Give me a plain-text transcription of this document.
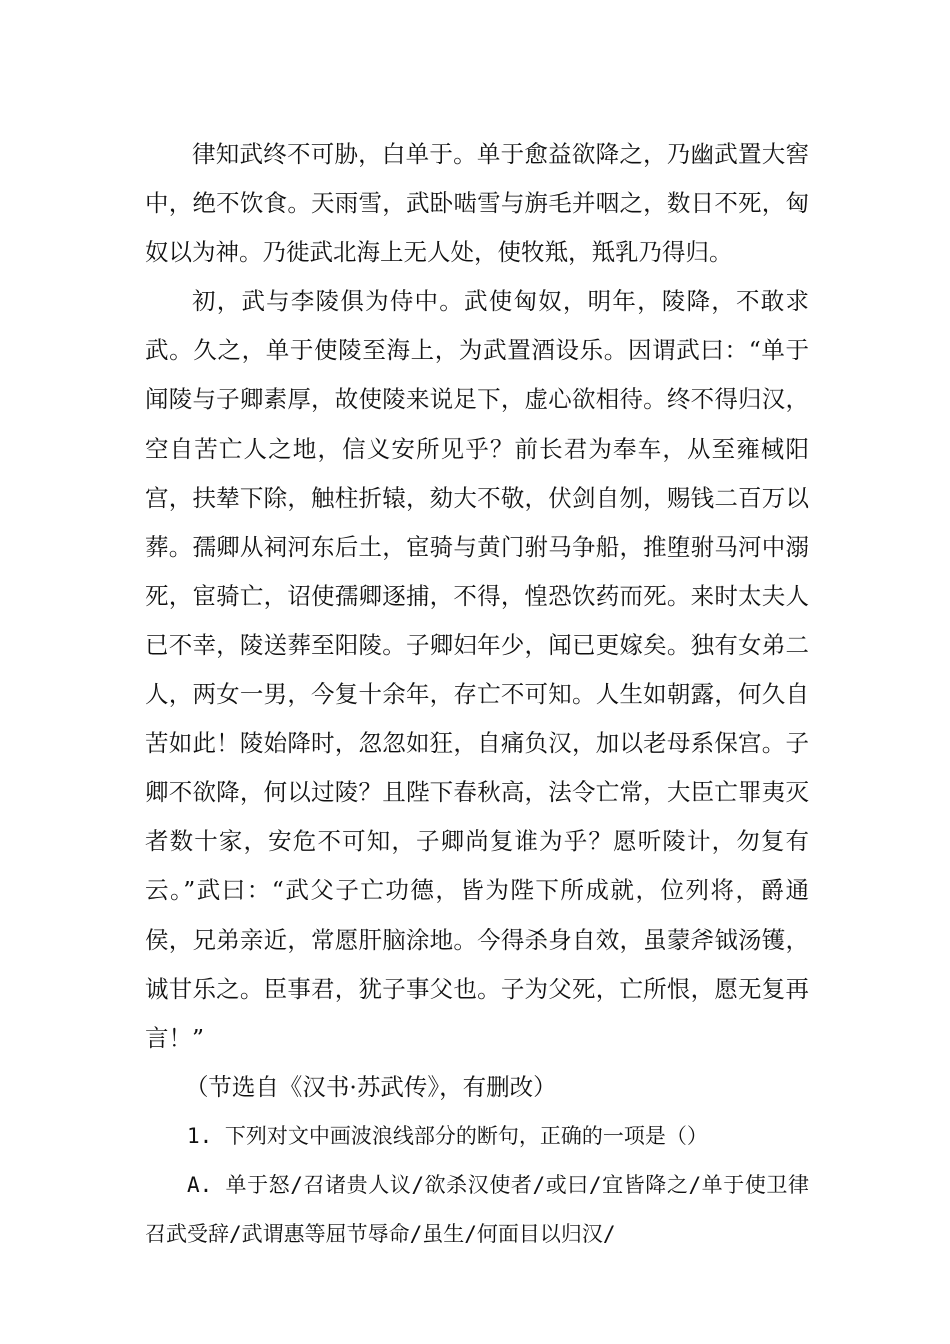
律知武终不可胁，白单于。单于愈益欲降之，乃幽武置大窖中，绝不饮食。天雨雪，武卧啮雪与旃毛并咽之，数日不死，匈奴以为神。乃徙武北海上无人处，使牧羝，羝乳乃得归。

初，武与李陵俱为侍中。武使匈奴，明年，陵降，不敢求武。久之，单于使陵至海上，为武置酒设乐。因谓武曰：“单于闻陵与子卿素厚，故使陵来说足下，虚心欲相待。终不得归汉，空自苦亡人之地，信义安所见乎？前长君为奉车，从至雍棫阳宫，扶辇下除，触柱折辕，劾大不敬，伏剑自刎，赐钱二百万以葬。孺卿从祠河东后土，宦骑与黄门驸马争船，推堕驸马河中溺死，宦骑亡，诏使孺卿逐捕，不得，惶恐饮药而死。来时太夫人已不幸，陵送葬至阳陵。子卿妇年少，闻已更嫁矣。独有女弟二人，两女一男，今复十余年，存亡不可知。人生如朝露，何久自苦如此！陵始降时，忽忽如狂，自痛负汉，加以老母系保宫。子卿不欲降，何以过陵？且陛下春秋高，法令亡常，大臣亡罪夷灭者数十家，安危不可知，子卿尚复谁为乎？愿听陵计，勿复有云。”武曰：“武父子亡功德，皆为陛下所成就，位列将，爵通侯，兄弟亲近，常愿肝脑涂地。今得杀身自效，虽蒙斧钺汤镬，诚甘乐之。臣事君，犹子事父也。子为父死，亡所恨，愿无复再言！”

（节选自《汉书·苏武传》，有删改）

1. 下列对文中画波浪线部分的断句，正确的一项是（）

A. 单于怒/召诸贵人议/欲杀汉使者/或曰/宜皆降之/单于使卫律召武受辞/武谓惠等屈节辱命/虽生/何面目以归汉/
